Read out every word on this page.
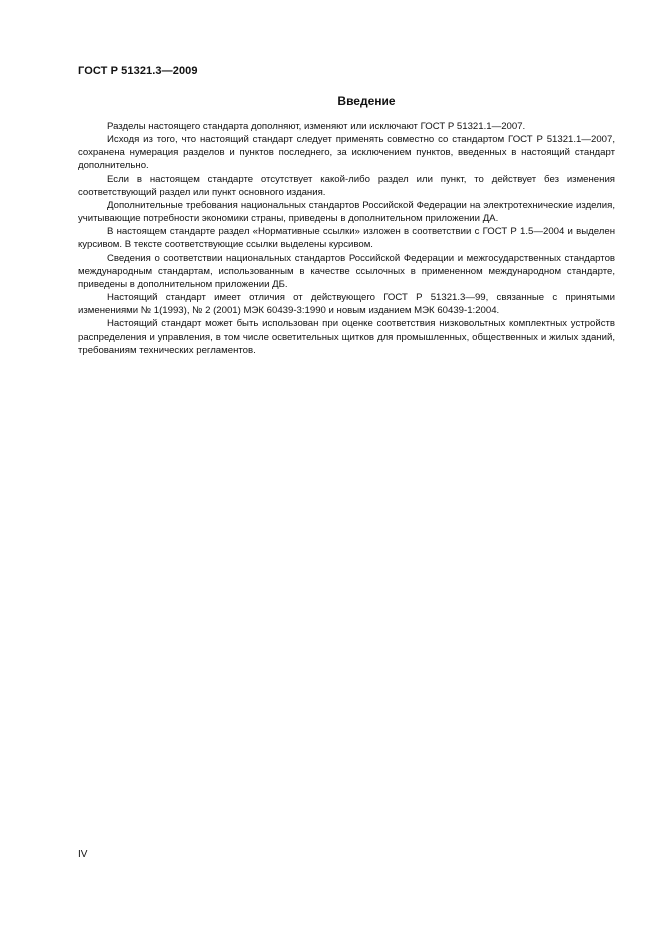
ГОСТ Р 51321.3—2009
Введение

Разделы настоящего стандарта дополняют, изменяют или исключают ГОСТ Р 51321.1—2007.

Исходя из того, что настоящий стандарт следует применять совместно со стандартом ГОСТ Р 51321.1—2007, сохранена нумерация разделов и пунктов последнего, за исключением пунктов, введенных в настоящий стандарт дополнительно.

Если в настоящем стандарте отсутствует какой-либо раздел или пункт, то действует без изменения соответствующий раздел или пункт основного издания.

Дополнительные требования национальных стандартов Российской Федерации на электротехнические изделия, учитывающие потребности экономики страны, приведены в дополнительном приложении ДА.

В настоящем стандарте раздел «Нормативные ссылки» изложен в соответствии с ГОСТ Р 1.5—2004 и выделен курсивом. В тексте соответствующие ссылки выделены курсивом.

Сведения о соответствии национальных стандартов Российской Федерации и межгосударственных стандартов международным стандартам, использованным в качестве ссылочных в примененном международном стандарте, приведены в дополнительном приложении ДБ.

Настоящий стандарт имеет отличия от действующего ГОСТ Р 51321.3—99, связанные с принятыми изменениями № 1(1993), № 2 (2001) МЭК 60439-3:1990 и новым изданием МЭК 60439-1:2004.

Настоящий стандарт может быть использован при оценке соответствия низковольтных комплектных устройств распределения и управления, в том числе осветительных щитков для промышленных, общественных и жилых зданий, требованиям технических регламентов.

IV
